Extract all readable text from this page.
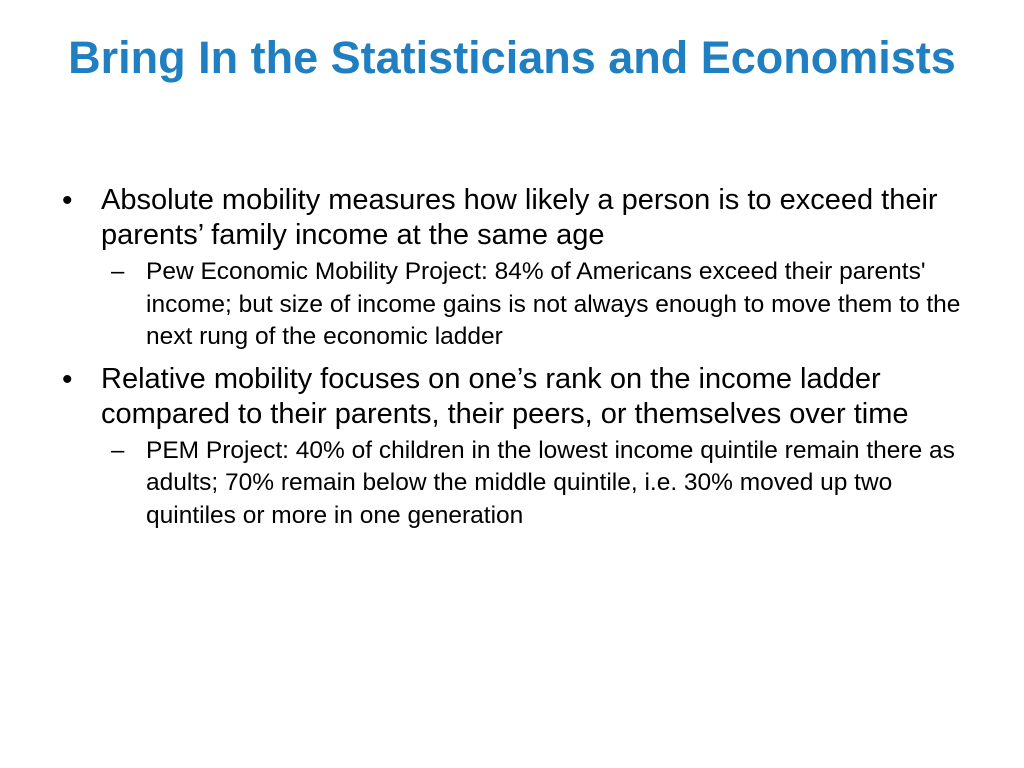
Bring In the Statisticians and Economists
• Absolute mobility measures how likely a person is to exceed their parents’ family income at the same age
– Pew Economic Mobility Project: 84% of Americans exceed their parents' income; but size of income gains is not always enough to move them to the next rung of the economic ladder
• Relative mobility focuses on one’s rank on the income ladder compared to their parents, their peers, or themselves over time
– PEM Project: 40% of children in the lowest income quintile remain there as adults; 70% remain below the middle quintile, i.e. 30% moved up two quintiles or more in one generation
